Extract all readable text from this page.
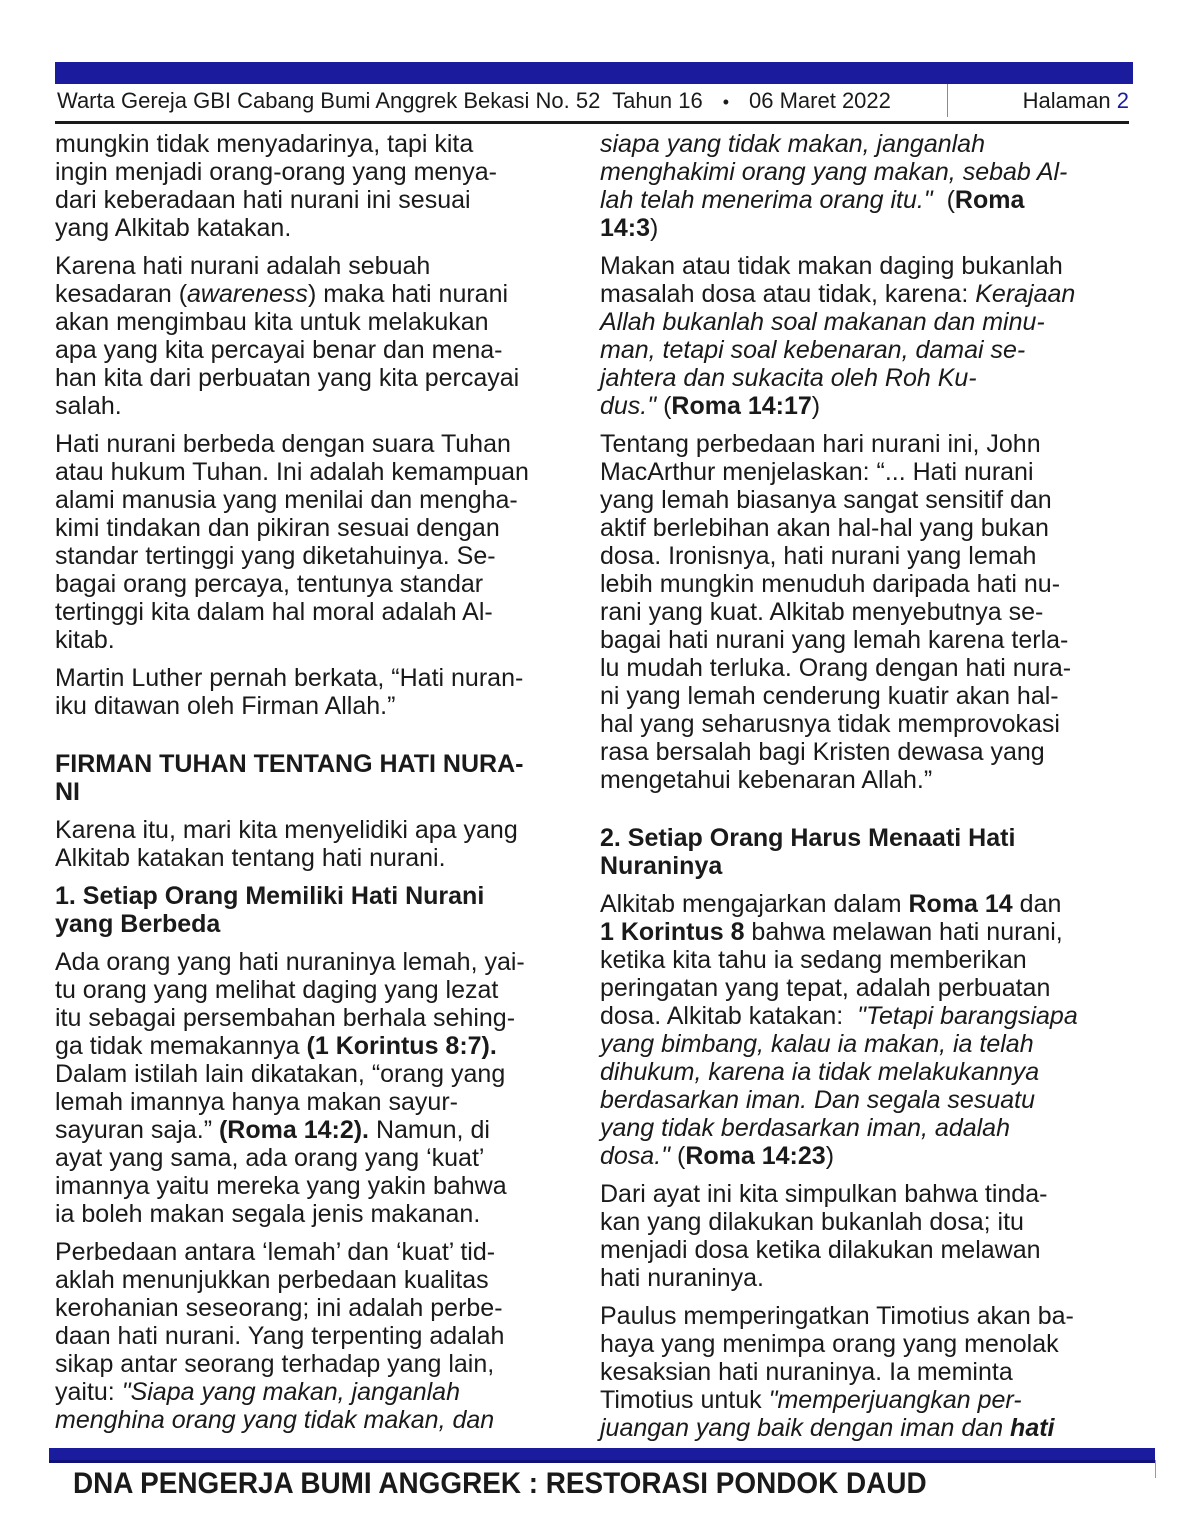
Warta Gereja GBI Cabang Bumi Anggrek Bekasi No. 52  Tahun 16 • 06 Maret 2022	Halaman 2
mungkin tidak menyadarinya, tapi kita
ingin menjadi orang-orang yang menya-
dari keberadaan hati nurani ini sesuai
yang Alkitab katakan.
Karena hati nurani adalah sebuah
kesadaran (awareness) maka hati nurani
akan mengimbau kita untuk melakukan
apa yang kita percayai benar dan mena-
han kita dari perbuatan yang kita percayai
salah.
Hati nurani berbeda dengan suara Tuhan
atau hukum Tuhan. Ini adalah kemampuan
alami manusia yang menilai dan mengha-
kimi tindakan dan pikiran sesuai dengan
standar tertinggi yang diketahuinya. Se-
bagai orang percaya, tentunya standar
tertinggi kita dalam hal moral adalah Al-
kitab.
Martin Luther pernah berkata, “Hati nuran-
iku ditawan oleh Firman Allah.”
FIRMAN TUHAN TENTANG HATI NURA-
NI
Karena itu, mari kita menyelidiki apa yang
Alkitab katakan tentang hati nurani.
1. Setiap Orang Memiliki Hati Nurani
yang Berbeda
Ada orang yang hati nuraninya lemah, yai-
tu orang yang melihat daging yang lezat
itu sebagai persembahan berhala sehing-
ga tidak memakannya (1 Korintus 8:7).
Dalam istilah lain dikatakan, “orang yang
lemah imannya hanya makan sayur-
sayuran saja.” (Roma 14:2). Namun, di
ayat yang sama, ada orang yang ‘kuat’
imannya yaitu mereka yang yakin bahwa
ia boleh makan segala jenis makanan.
Perbedaan antara ‘lemah’ dan ‘kuat’ tid-
aklah menunjukkan perbedaan kualitas
kerohanian seseorang; ini adalah perbe-
daan hati nurani. Yang terpenting adalah
sikap antar seorang terhadap yang lain,
yaitu: "Siapa yang makan, janganlah
menghina orang yang tidak makan, dan
siapa yang tidak makan, janganlah
menghakimi orang yang makan, sebab Al-
lah telah menerima orang itu."  (Roma
14:3)
Makan atau tidak makan daging bukanlah
masalah dosa atau tidak, karena: Kerajaan
Allah bukanlah soal makanan dan minu-
man, tetapi soal kebenaran, damai se-
jahtera dan sukacita oleh Roh Ku-
dus." (Roma 14:17)
Tentang perbedaan hari nurani ini, John
MacArthur menjelaskan: “... Hati nurani
yang lemah biasanya sangat sensitif dan
aktif berlebihan akan hal-hal yang bukan
dosa. Ironisnya, hati nurani yang lemah
lebih mungkin menuduh daripada hati nu-
rani yang kuat. Alkitab menyebutnya se-
bagai hati nurani yang lemah karena terla-
lu mudah terluka. Orang dengan hati nura-
ni yang lemah cenderung kuatir akan hal-
hal yang seharusnya tidak memprovokasi
rasa bersalah bagi Kristen dewasa yang
mengetahui kebenaran Allah.”
2. Setiap Orang Harus Menaati Hati
Nuraninya
Alkitab mengajarkan dalam Roma 14 dan
1 Korintus 8 bahwa melawan hati nurani,
ketika kita tahu ia sedang memberikan
peringatan yang tepat, adalah perbuatan
dosa. Alkitab katakan:  "Tetapi barangsiapa
yang bimbang, kalau ia makan, ia telah
dihukum, karena ia tidak melakukannya
berdasarkan iman. Dan segala sesuatu
yang tidak berdasarkan iman, adalah
dosa." (Roma 14:23)
Dari ayat ini kita simpulkan bahwa tinda-
kan yang dilakukan bukanlah dosa; itu
menjadi dosa ketika dilakukan melawan
hati nuraninya.
Paulus memperingatkan Timotius akan ba-
haya yang menimpa orang yang menolak
kesaksian hati nuraninya. Ia meminta
Timotius untuk "memperjuangkan per-
juangan yang baik dengan iman dan hati
DNA PENGERJA BUMI ANGGREK : RESTORASI PONDOK DAUD
